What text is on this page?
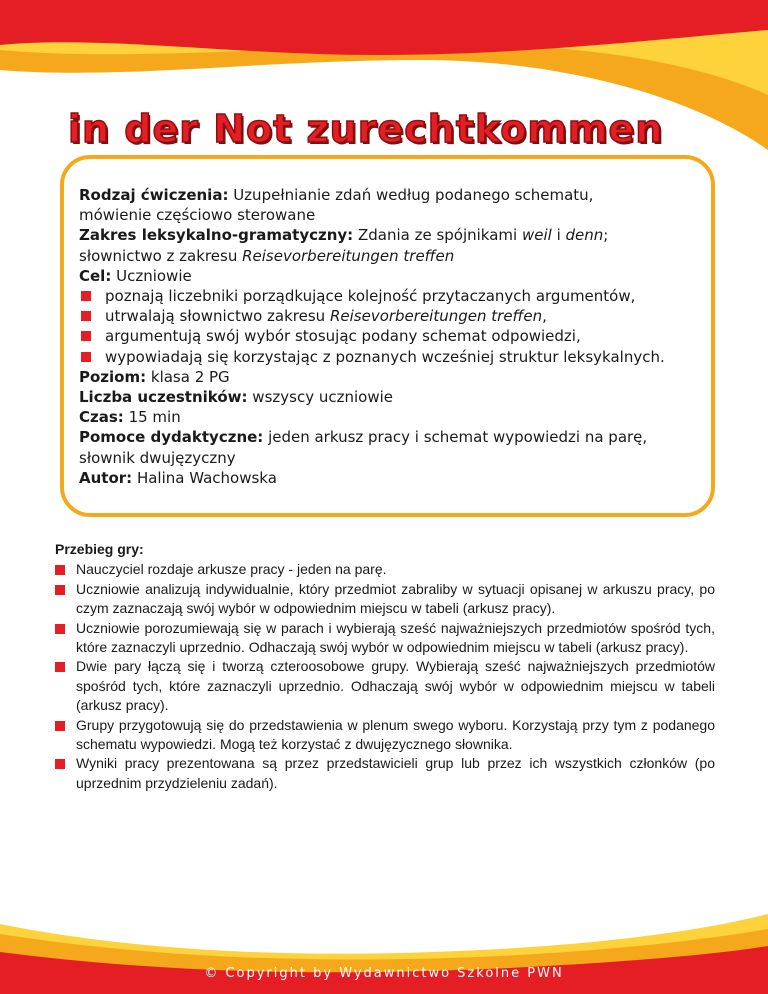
in der Not zurechtkommen

Rodzaj ćwiczenia: Uzupełnianie zdań według podanego schematu,
mówienie częściowo sterowane

Zakres leksykalno-gramatyczny: Zdania ze spójnikami weil i denn;
słownictwo z zakresu Reisevorbereitungen treffen

Cel: Uczniowie

poznają liczebniki porządkujące kolejność przytaczanych argumentów,
utrwalają słownictwo zakresu Reisevorbereitungen treffen,
argumentują swój wybór stosując podany schemat odpowiedzi,
wypowiadają się korzystając z poznanych wcześniej struktur leksykalnych.

Poziom: klasa 2 PG

Liczba uczestników: wszyscy uczniowie

Czas: 15 min

Pomoce dydaktyczne: jeden arkusz pracy i schemat wypowiedzi na parę, słownik dwujęzyczny

Autor: Halina Wachowska

Przebieg gry:

Nauczyciel rozdaje arkusze pracy - jeden na parę.
Uczniowie analizują indywidualnie, który przedmiot zabraliby w sytuacji opisanej w arkuszu pracy, po czym zaznaczają swój wybór w odpowiednim miejscu w tabeli (arkusz pracy).
Uczniowie porozumiewają się w parach i wybierają sześć najważniejszych przedmiotów spośród tych, które zaznaczyli uprzednio. Odhaczają swój wybór w odpowiednim miejscu w tabeli (arkusz pracy).
Dwie pary łączą się i tworzą czteroosobowe grupy. Wybierają sześć najważniejszych przedmiotów spośród tych, które zaznaczyli uprzednio. Odhaczają swój wybór w odpowiednim miejscu w tabeli (arkusz pracy).
Grupy przygotowują się do przedstawienia w plenum swego wyboru. Korzystają przy tym z podanego schematu wypowiedzi. Mogą też korzystać z dwujęzycznego słownika.
Wyniki pracy prezentowana są przez przedstawicieli grup lub przez ich wszystkich członków (po uprzednim przydzieleniu zadań).
© Copyright by Wydawnictwo Szkolne PWN
